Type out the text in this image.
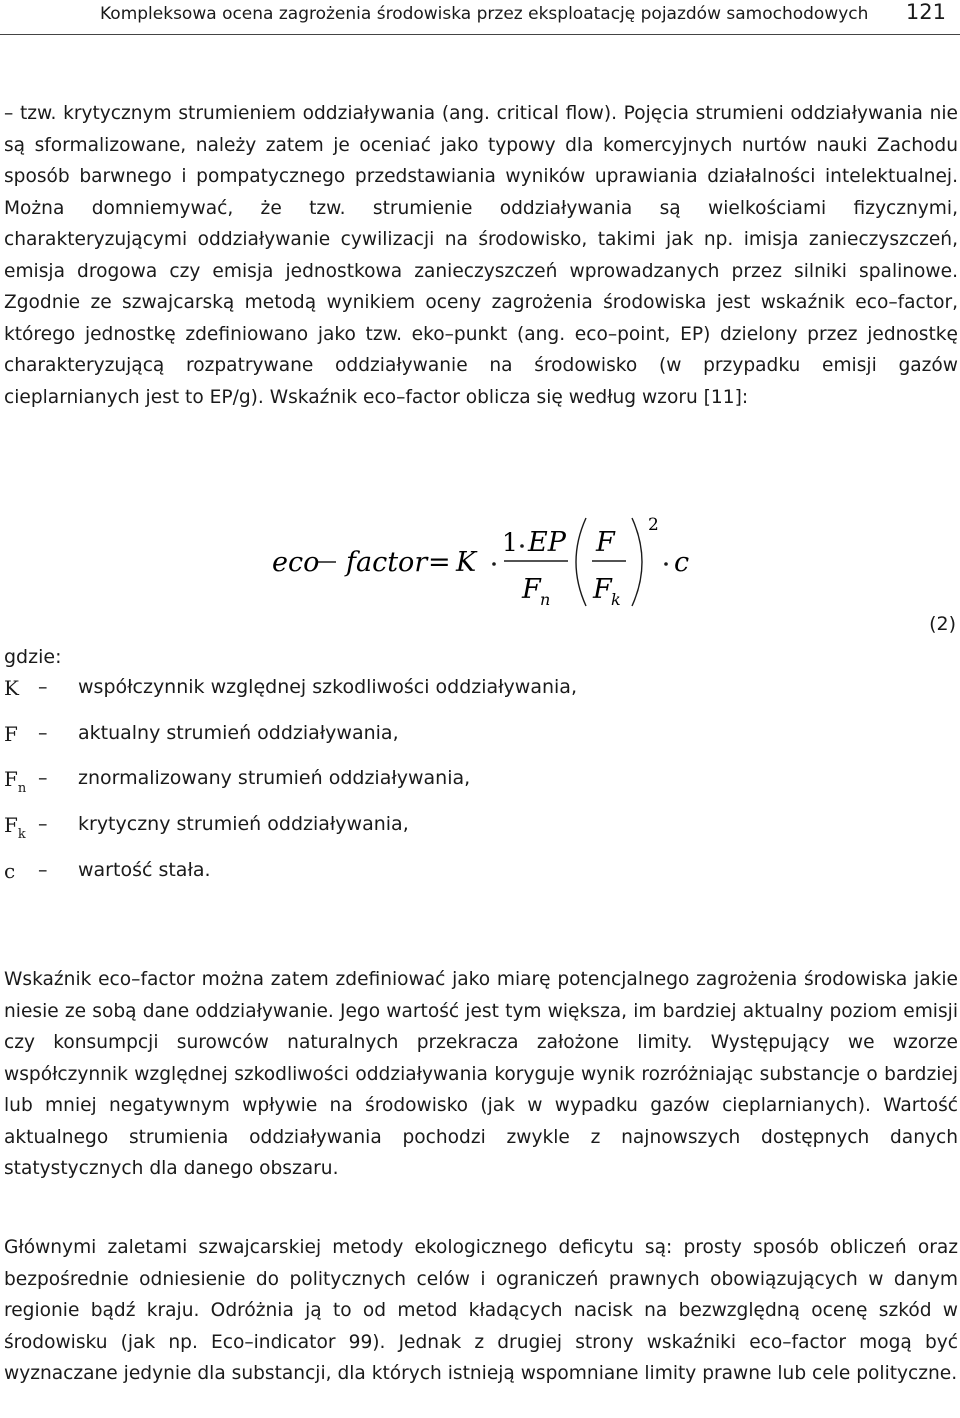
Kompleksowa ocena zagrożenia środowiska przez eksploatację pojazdów samochodowych 121

– tzw. krytycznym strumieniem oddziaływania (ang. critical flow). Pojęcia strumieni oddziaływania nie są sformalizowane, należy zatem je oceniać jako typowy dla komercyjnych nurtów nauki Zachodu sposób barwnego i pompatycznego przedstawiania wyników uprawiania działalności intelektualnej. Można domniemywać, że tzw. strumienie oddziaływania są wielkościami fizycznymi, charakteryzującymi oddziaływanie cywilizacji na środowisko, takimi jak np. imisja zanieczyszczeń, emisja drogowa czy emisja jednostkowa zanieczyszczeń wprowadzanych przez silniki spalinowe. Zgodnie ze szwajcarską metodą wynikiem oceny zagrożenia środowiska jest wskaźnik eco–factor, którego jednostkę zdefiniowano jako tzw. eko–punkt (ang. eco–point, EP) dzielony przez jednostkę charakteryzującą rozpatrywane oddziaływanie na środowisko (w przypadku emisji gazów cieplarnianych jest to EP/g). Wskaźnik eco–factor oblicza się według wzoru [11]:

eco factor = K
1 EP
F n
F
F k
2
c
(2)
gdzie:
K – współczynnik względnej szkodliwości oddziaływania,
F – aktualny strumień oddziaływania,
$F_n$ – znormalizowany strumień oddziaływania,
$F_k$ – krytyczny strumień oddziaływania,
c – wartość stała.

Wskaźnik eco–factor można zatem zdefiniować jako miarę potencjalnego zagrożenia środowiska jakie niesie ze sobą dane oddziaływanie. Jego wartość jest tym większa, im bardziej aktualny poziom emisji czy konsumpcji surowców naturalnych przekracza założone limity. Występujący we wzorze współczynnik względnej szkodliwości oddziaływania koryguje wynik rozróżniając substancje o bardziej lub mniej negatywnym wpływie na środowisko (jak w wypadku gazów cieplarnianych). Wartość aktualnego strumienia oddziaływania pochodzi zwykle z najnowszych dostępnych danych statystycznych dla danego obszaru.

Głównymi zaletami szwajcarskiej metody ekologicznego deficytu są: prosty sposób obliczeń oraz bezpośrednie odniesienie do politycznych celów i ograniczeń prawnych obowiązujących w danym regionie bądź kraju. Odróżnia ją to od metod kładących nacisk na bezwzględną ocenę szkód w środowisku (jak np. Eco–indicator 99). Jednak z drugiej strony wskaźniki eco–factor mogą być wyznaczane jedynie dla substancji, dla których istnieją wspomniane limity prawne lub cele polityczne.
